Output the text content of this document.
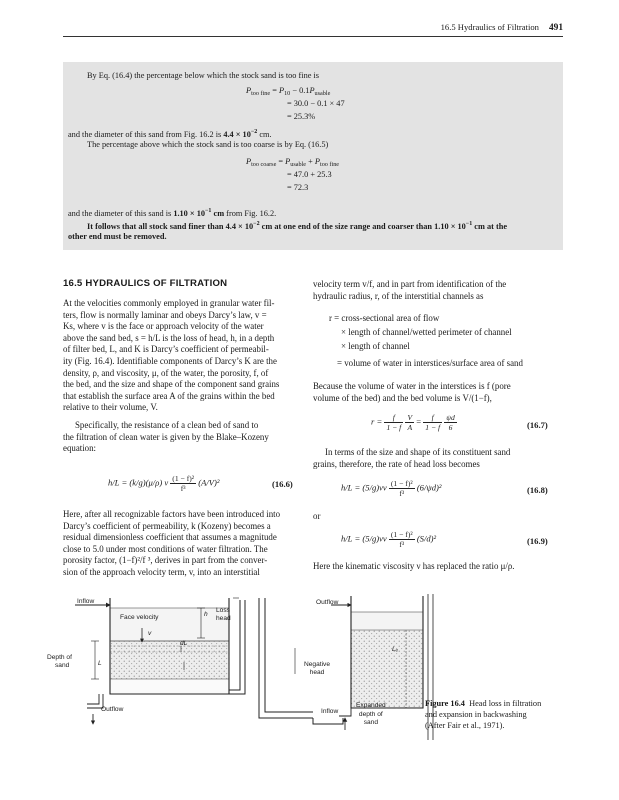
16.5 Hydraulics of Filtration 491
By Eq. (16.4) the percentage below which the stock sand is too fine is
$P_{too fine} = P_{10} - 0.1P_{usable}$
= 30.0 − 0.1 × 47
= 25.3%
and the diameter of this sand from Fig. 16.2 is $4.4 \times 10^{-2}$ cm.
The percentage above which the stock sand is too coarse is by Eq. (16.5)
$P_{too coarse} = P_{usable} + P_{too fine}$
= 47.0 + 25.3
= 72.3
and the diameter of this sand is $1.10 \times 10^{-1}$ cm from Fig. 16.2.
It follows that all stock sand finer than $4.4 \times 10^{-2}$ cm at one end of the size range and coarser than $1.10 \times 10^{-1}$ cm at the
other end must be removed.
16.5 HYDRAULICS OF FILTRATION
At the velocities commonly employed in granular water fil-
ters, flow is normally laminar and obeys Darcy’s law, v =
Ks, where v is the face or approach velocity of the water
above the sand bed, s = h/L is the loss of head, h, in a depth
of filter bed, L, and K is Darcy’s coefficient of permeabil-
ity (Fig. 16.4). Identifiable components of Darcy’s K are the
density, ρ, and viscosity, μ, of the water, the porosity, f, of
the bed, and the size and shape of the component sand grains
that establish the surface area A of the grains within the bed
relative to their volume, V.
Specifically, the resistance of a clean bed of sand to
the filtration of clean water is given by the Blake–Kozeny
equation:
h/L = (k/g)(μ/ρ) v $\frac{\text{(1 − f)²}}{\text{f³}} (A/V)^2$	(16.6)
Here, after all recognizable factors have been introduced into
Darcy’s coefficient of permeability, k (Kozeny) becomes a
residual dimensionless coefficient that assumes a magnitude
close to 5.0 under most conditions of water filtration. The
porosity factor, (1−f)²/f ³, derives in part from the conver-
sion of the approach velocity term, v, into an interstitial
velocity term v/f, and in part from identification of the
hydraulic radius, r, of the interstitial channels as
r = cross-sectional area of flow
× length of channel/wetted perimeter of channel
× length of channel
= volume of water in interstices/surface area of sand
Because the volume of water in the interstices is f (pore
volume of the bed) and the bed volume is V/(1−f),
$r = \frac{f}{1 - f}$
$\frac{V}{A} = \frac{f}{1 - f}$
$\frac{\psi d}{6}$	(16.7)
In terms of the size and shape of its constituent sand
grains, therefore, the rate of head loss becomes
$h/L = (5/g)\nu v \frac{\text{(1 − f)²}}{\text{f³}} (6/\psi d)^2$	(16.8)
or
$h/L = (5/g)\nu v \frac{\text{(1 − f)²}}{\text{f³}} (S/d)^2$	(16.9)
Here the kinematic viscosity ν has replaced the ratio μ/ρ.
Inflow
Face velocity
v
h
Loss
head
dL
Depth of
sand	L
Outflow
Outflow
Negative
head
Lₑ
Inflow
Expanded
depth of
sand
Figure 16.4 Head loss in filtration
and expansion in backwashing
(After Fair et al., 1971).
